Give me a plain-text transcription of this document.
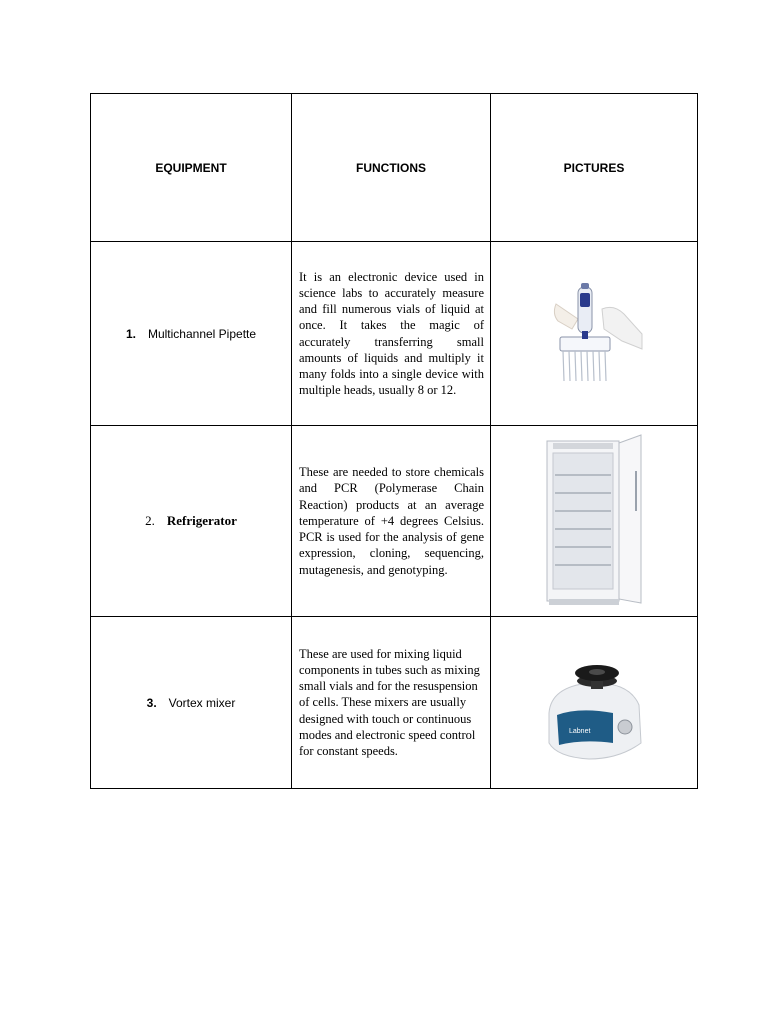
EQUIPMENT	FUNCTIONS	PICTURES
1. Multichannel Pipette	It is an electronic device used in science labs to accurately measure and fill numerous vials of liquid at once. It takes the magic of accurately transferring small amounts of liquids and multiply it many folds into a single device with multiple heads, usually 8 or 12.	

2. Refrigerator	These are needed to store chemicals and PCR (Polymerase Chain Reaction) products at an average temperature of +4 degrees Celsius. PCR is used for the analysis of gene expression, cloning, sequencing, mutagenesis, and genotyping.	

3. Vortex mixer	These are used for mixing liquid components in tubes such as mixing small vials and for the resuspension of cells. These mixers are usually designed with touch or continuous modes and electronic speed control for constant speeds.	Labnet
